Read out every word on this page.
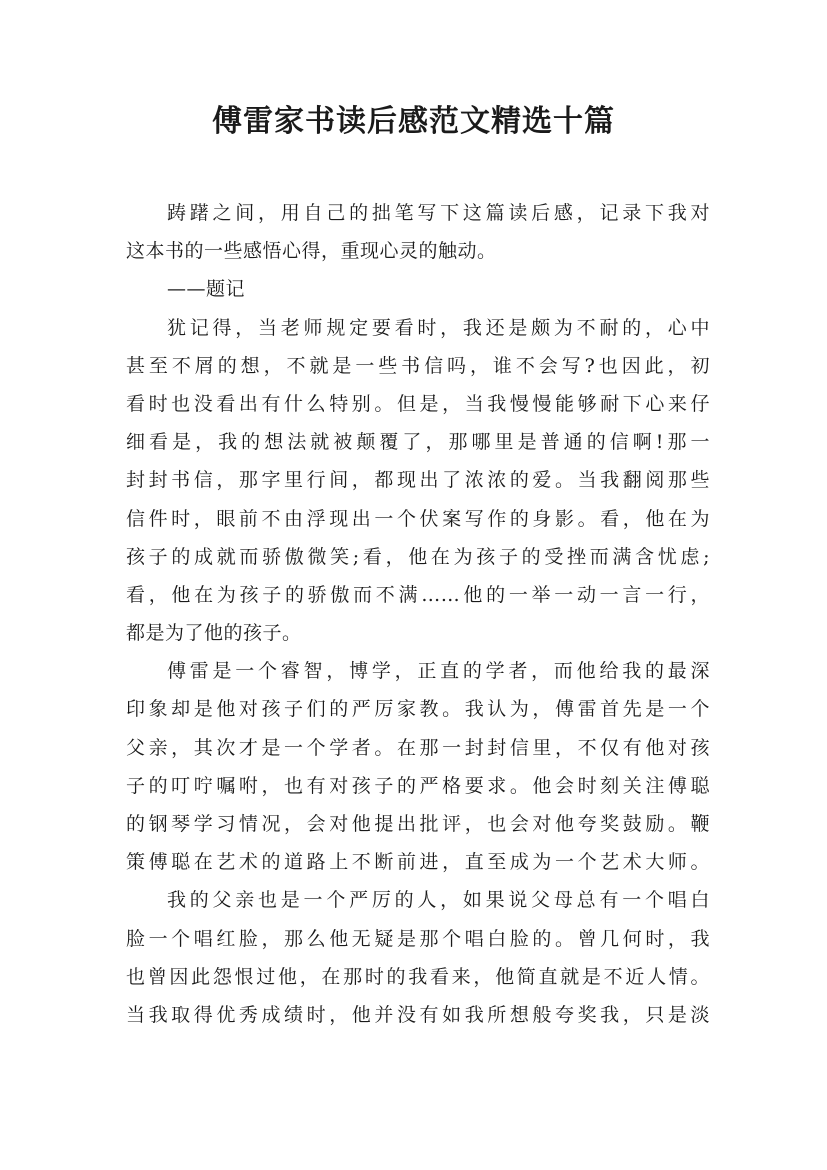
傅雷家书读后感范文精选十篇
踌躇之间，用自己的拙笔写下这篇读后感，记录下我对
这本书的一些感悟心得，重现心灵的触动。
——题记
犹记得，当老师规定要看时，我还是颇为不耐的，心中
甚至不屑的想，不就是一些书信吗，谁不会写?也因此，初
看时也没看出有什么特别。但是，当我慢慢能够耐下心来仔
细看是，我的想法就被颠覆了，那哪里是普通的信啊!那一
封封书信，那字里行间，都现出了浓浓的爱。当我翻阅那些
信件时，眼前不由浮现出一个伏案写作的身影。看，他在为
孩子的成就而骄傲微笑;看，他在为孩子的受挫而满含忧虑;
看，他在为孩子的骄傲而不满……他的一举一动一言一行，
都是为了他的孩子。
傅雷是一个睿智，博学，正直的学者，而他给我的最深
印象却是他对孩子们的严厉家教。我认为，傅雷首先是一个
父亲，其次才是一个学者。在那一封封信里，不仅有他对孩
子的叮咛嘱咐，也有对孩子的严格要求。他会时刻关注傅聪
的钢琴学习情况，会对他提出批评，也会对他夸奖鼓励。鞭
策傅聪在艺术的道路上不断前进，直至成为一个艺术大师。
我的父亲也是一个严厉的人，如果说父母总有一个唱白
脸一个唱红脸，那么他无疑是那个唱白脸的。曾几何时，我
也曾因此怨恨过他，在那时的我看来，他简直就是不近人情。
当我取得优秀成绩时，他并没有如我所想般夸奖我，只是淡
